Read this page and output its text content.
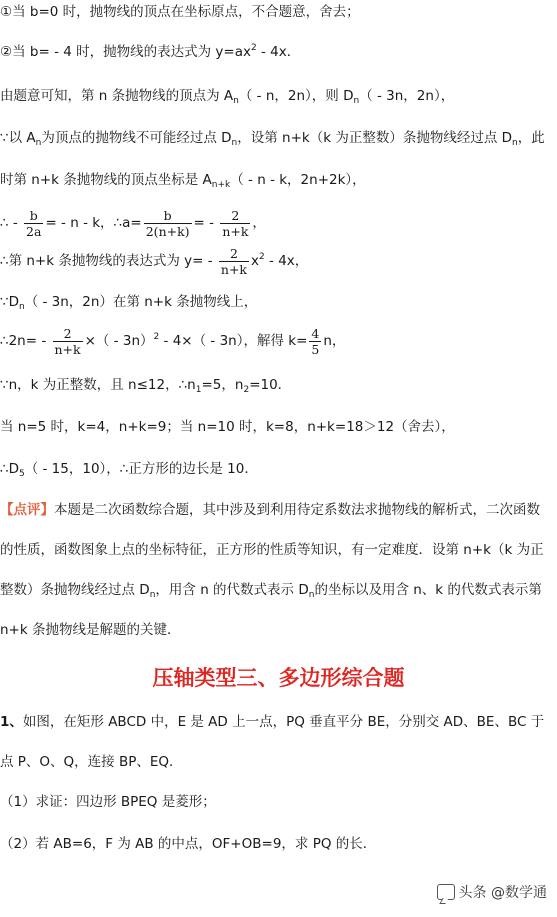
①当 b=0 时，抛物线的顶点在坐标原点，不合题意，舍去；
②当 b= - 4 时，抛物线的表达式为 $y=ax^2 - 4x$．
由题意可知，第 n 条抛物线的顶点为 $A_n$（ - n，2n），则 $D_n( - 3n$，2n），
∵以 $A_n$为顶点的抛物线不可能经过点 $D_n$，设第 n+k（k 为正整数）条抛物线经过点 $D_n$，此
时第 n+k 条抛物线的顶点坐标是 $A_{n+k}$（ - n - k，2n+2k），
∴ - $\frac{b}{2a}$ = - n - k，∴a= $\frac{b}{2(n+k)}$ = - $\frac{2}{n+k}$ ，
∴第 n+k 条抛物线的表达式为 $y= - \frac{2}{n+k} x^2 - 4x$，
$\because D_n( - 3n$，2n）在第 n+k 条抛物线上，
∴2n= - $\frac{2}{n+k}$ ×（ - 3n）$^2$ - 4×（ - 3n），解得 $k= \frac{4}{5}$ n，
∵n，k 为正整数，且 n≤12，$\therefore n_1=5$，$n_2=10$．
当 n=5 时，k=4，n+k=9；当 n=10 时，k=8，n+k=18＞12（舍去），
$\therefore D_5( - 15$，10），∴正方形的边长是 10．
【点评】本题是二次函数综合题，其中涉及到利用待定系数法求抛物线的解析式，二次函数的性质，函数图象上点的坐标特征，正方形的性质等知识，有一定难度．设第 n+k（k 为正整数）条抛物线经过点 $D_n$，用含 n 的代数式表示 $D_n$的坐标以及用含 n、k 的代数式表示第 n+k 条抛物线是解题的关键．
压轴类型三、多边形综合题
1、如图，在矩形 ABCD 中，E 是 AD 上一点，PQ 垂直平分 BE，分别交 AD、BE、BC 于点 P、O、Q，连接 BP、EQ．
（1）求证：四边形 BPEQ 是菱形；
（2）若 AB=6，F 为 AB 的中点，OF+OB=9，求 PQ 的长．
头条 @数学通
